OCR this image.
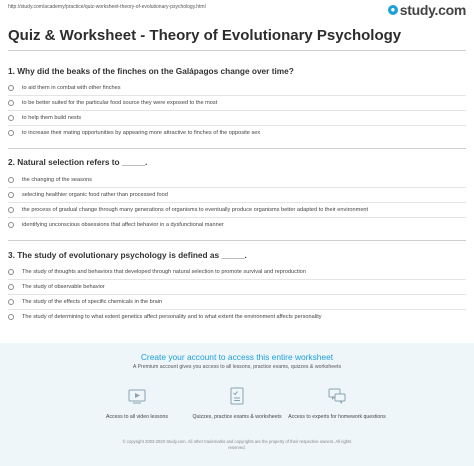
http://study.com/academy/practice/quiz-worksheet-theory-of-evolutionary-psychology.html	● study.com
Quiz & Worksheet - Theory of Evolutionary Psychology
1. Why did the beaks of the finches on the Galápagos change over time?
to aid them in combat with other finches
to be better suited for the particular food source they were exposed to the most
to help them build nests
to increase their mating opportunities by appearing more attractive to finches of the opposite sex
2. Natural selection refers to _____.
the changing of the seasons
selecting healthier organic food rather than processed food
the process of gradual change through many generations of organisms to eventually produce organisms better adapted to their environment
identifying unconscious obsessions that affect behavior in a dysfunctional manner
3. The study of evolutionary psychology is defined as _____.
The study of thoughts and behaviors that developed through natural selection to promote survival and reproduction
The study of observable behavior
The study of the effects of specific chemicals in the brain
The study of determining to what extent genetics affect personality and to what extent the environment affects personality
Create your account to access this entire worksheet
A Premium account gives you access to all lessons, practice exams, quizzes & worksheets
Access to all video lessons	Quizzes, practice exams & worksheets	Access to experts for homework questions
© copyright 2003-2020 Study.com. All other trademarks and copyrights are the property of their respective owners. All rights
reserved.
